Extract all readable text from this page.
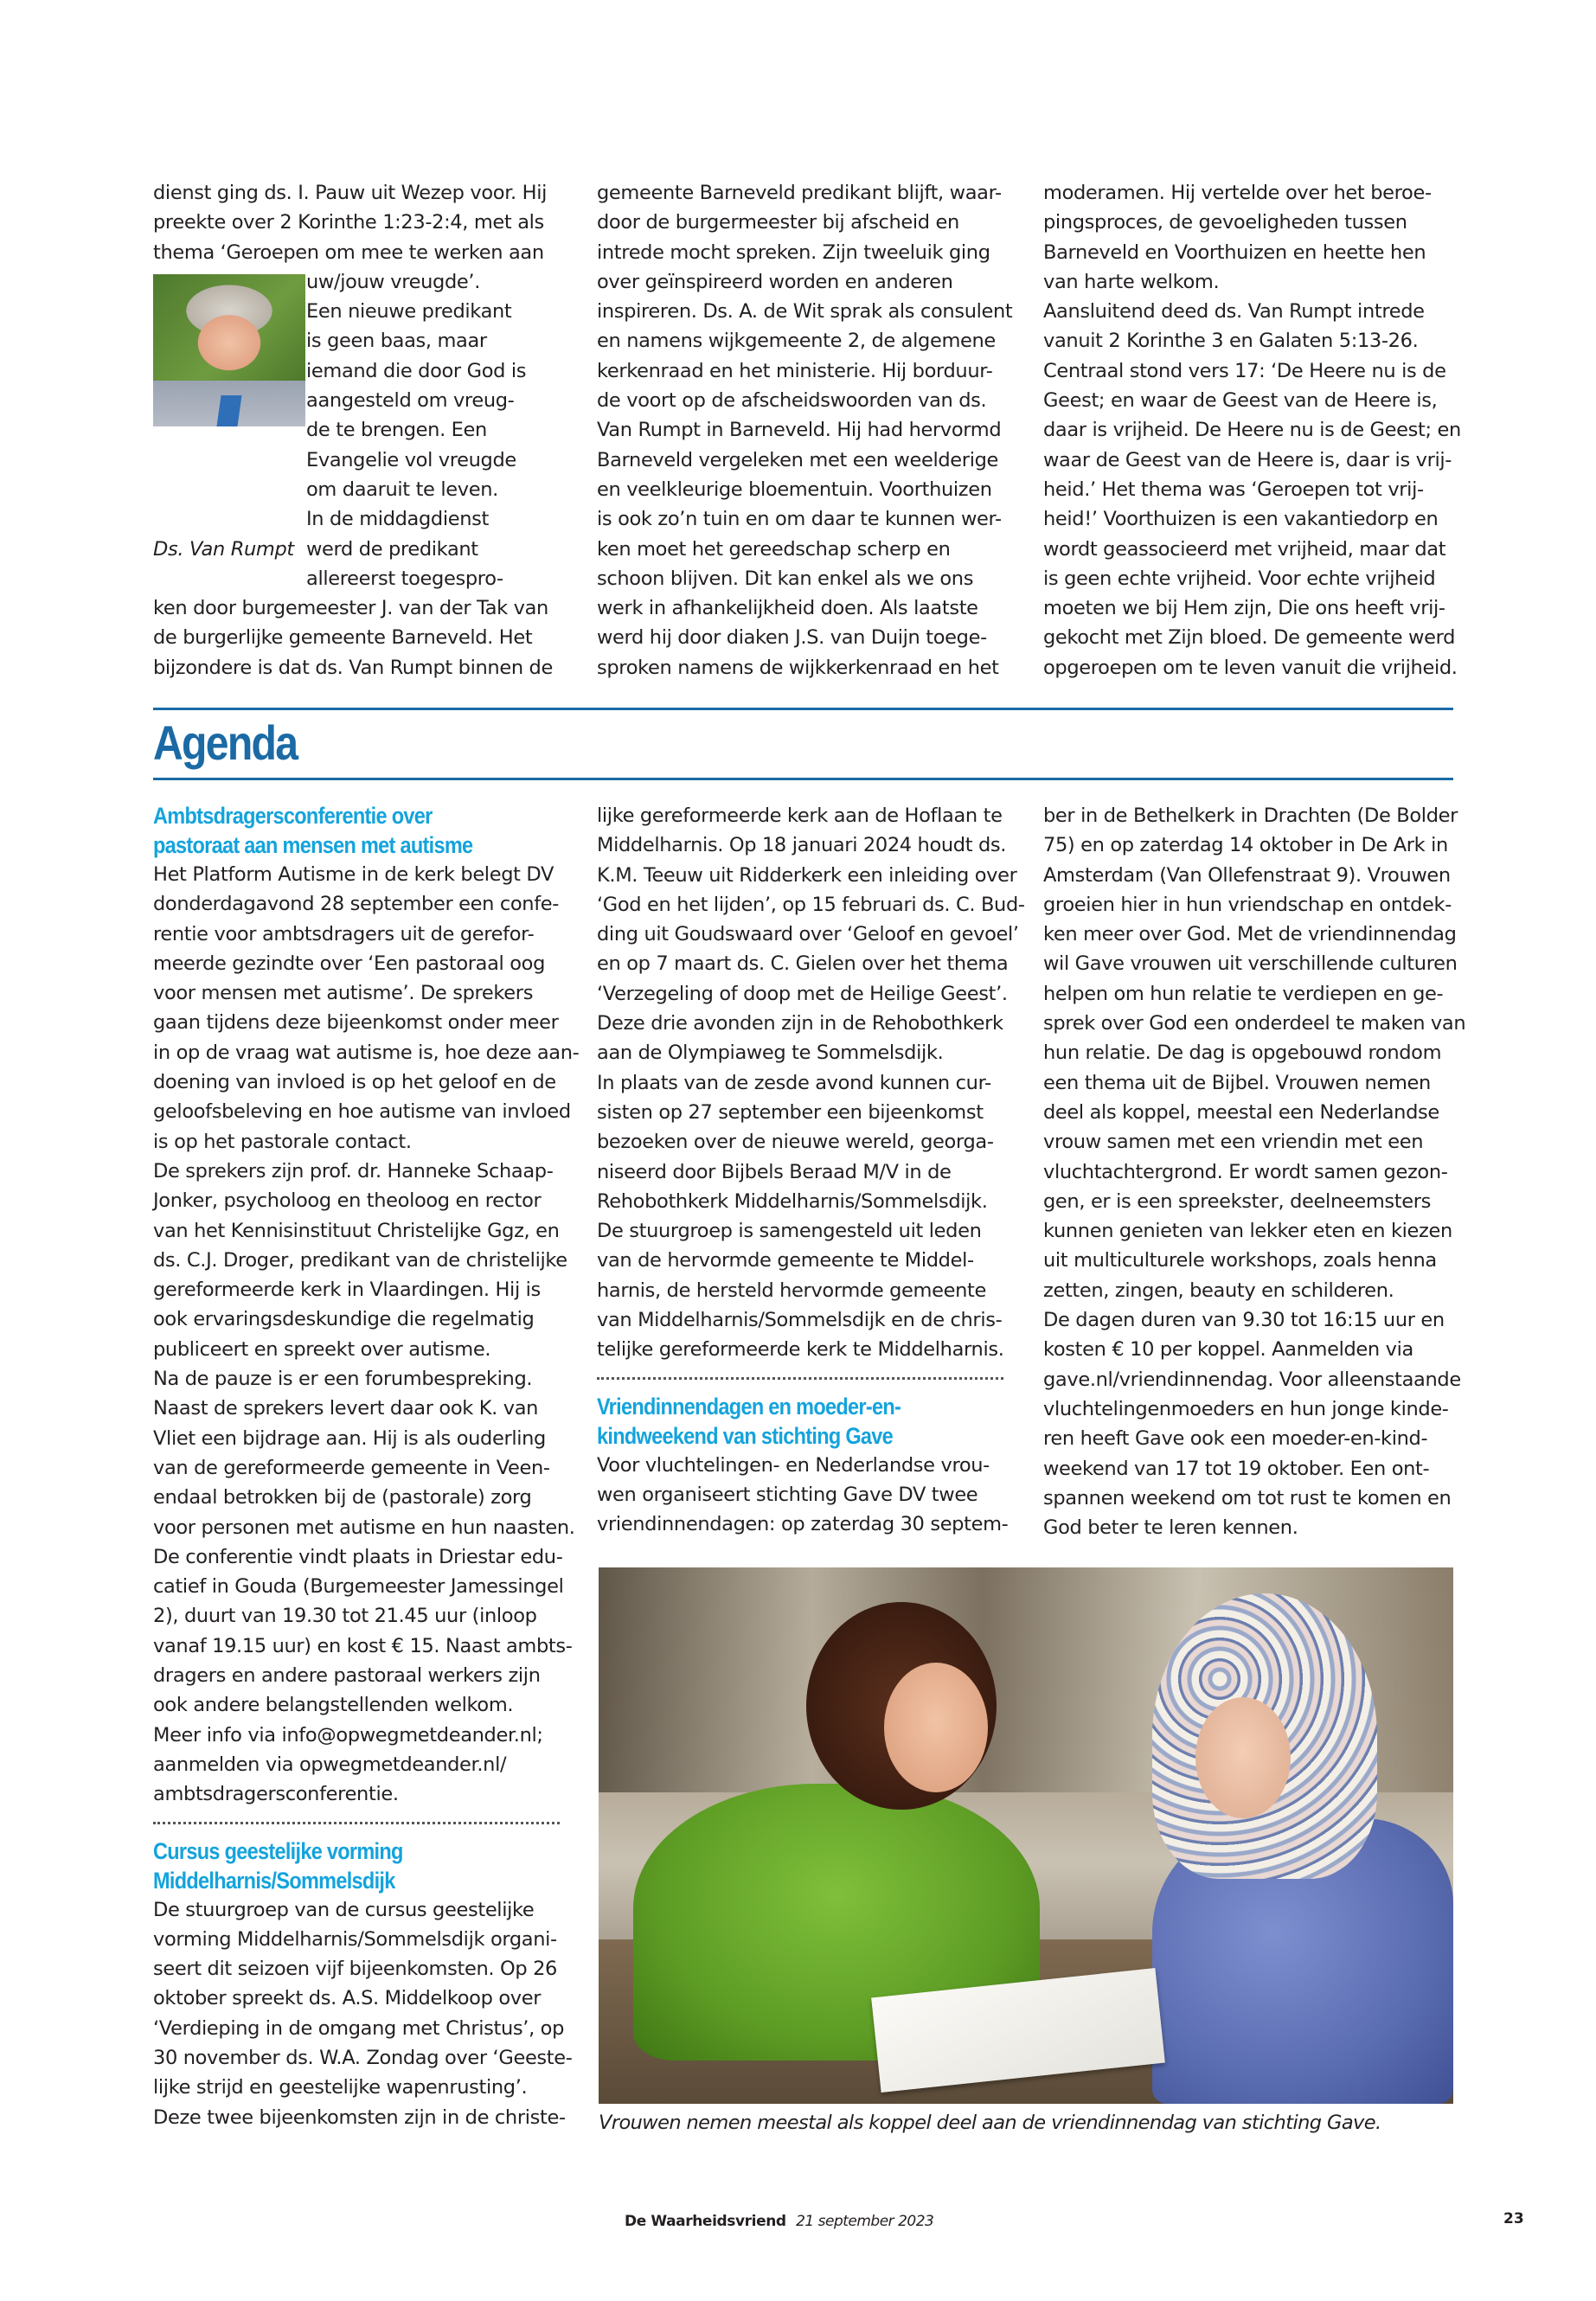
dienst ging ds. I. Pauw uit Wezep voor. Hij
preekte over 2 Korinthe 1:23-2:4, met als
thema ‘Geroepen om mee te werken aan
uw/jouw vreugde’.
Een nieuwe predikant
is geen baas, maar
iemand die door God is
aangesteld om vreug-
de te brengen. Een
Evangelie vol vreugde
om daaruit te leven.
In de middagdienst
Ds. Van Rumpt werd de predikant
allereerst toegespro-
ken door burgemeester J. van der Tak van
de burgerlijke gemeente Barneveld. Het
bijzondere is dat ds. Van Rumpt binnen de
gemeente Barneveld predikant blijft, waar-
door de burgermeester bij afscheid en
intrede mocht spreken. Zijn tweeluik ging
over geïnspireerd worden en anderen
inspireren. Ds. A. de Wit sprak als consulent
en namens wijkgemeente 2, de algemene
kerkenraad en het ministerie. Hij borduur-
de voort op de afscheidswoorden van ds.
Van Rumpt in Barneveld. Hij had hervormd
Barneveld vergeleken met een weelderige
en veelkleurige bloementuin. Voorthuizen
is ook zo’n tuin en om daar te kunnen wer-
ken moet het gereedschap scherp en
schoon blijven. Dit kan enkel als we ons
werk in afhankelijkheid doen. Als laatste
werd hij door diaken J.S. van Duijn toege-
sproken namens de wijkkerkenraad en het
moderamen. Hij vertelde over het beroe-
pingsproces, de gevoeligheden tussen
Barneveld en Voorthuizen en heette hen
van harte welkom.
Aansluitend deed ds. Van Rumpt intrede
vanuit 2 Korinthe 3 en Galaten 5:13-26.
Centraal stond vers 17: ‘De Heere nu is de
Geest; en waar de Geest van de Heere is,
daar is vrijheid. De Heere nu is de Geest; en
waar de Geest van de Heere is, daar is vrij-
heid.’ Het thema was ‘Geroepen tot vrij-
heid!’ Voorthuizen is een vakantiedorp en
wordt geassocieerd met vrijheid, maar dat
is geen echte vrijheid. Voor echte vrijheid
moeten we bij Hem zijn, Die ons heeft vrij-
gekocht met Zijn bloed. De gemeente werd
opgeroepen om te leven vanuit die vrijheid.
Agenda
Ambtsdragersconferentie over
pastoraat aan mensen met autisme
Het Platform Autisme in de kerk belegt DV
donderdagavond 28 september een confe-
rentie voor ambtsdragers uit de gerefor-
meerde gezindte over ‘Een pastoraal oog
voor mensen met autisme’. De sprekers
gaan tijdens deze bijeenkomst onder meer
in op de vraag wat autisme is, hoe deze aan-
doening van invloed is op het geloof en de
geloofsbeleving en hoe autisme van invloed
is op het pastorale contact.
De sprekers zijn prof. dr. Hanneke Schaap-
Jonker, psycholoog en theoloog en rector
van het Kennisinstituut Christelijke Ggz, en
ds. C.J. Droger, predikant van de christelijke
gereformeerde kerk in Vlaardingen. Hij is
ook ervaringsdeskundige die regelmatig
publiceert en spreekt over autisme.
Na de pauze is er een forumbespreking.
Naast de sprekers levert daar ook K. van
Vliet een bijdrage aan. Hij is als ouderling
van de gereformeerde gemeente in Veen-
endaal betrokken bij de (pastorale) zorg
voor personen met autisme en hun naasten.
De conferentie vindt plaats in Driestar edu-
catief in Gouda (Burgemeester Jamessingel
2), duurt van 19.30 tot 21.45 uur (inloop
vanaf 19.15 uur) en kost € 15. Naast ambts-
dragers en andere pastoraal werkers zijn
ook andere belangstellenden welkom.
Meer info via info@opwegmetdeander.nl;
aanmelden via opwegmetdeander.nl/
ambtsdragersconferentie.
Cursus geestelijke vorming
Middelharnis/Sommelsdijk
De stuurgroep van de cursus geestelijke
vorming Middelharnis/Sommelsdijk organi-
seert dit seizoen vijf bijeenkomsten. Op 26
oktober spreekt ds. A.S. Middelkoop over
‘Verdieping in de omgang met Christus’, op
30 november ds. W.A. Zondag over ‘Geeste-
lijke strijd en geestelijke wapenrusting’.
Deze twee bijeenkomsten zijn in de christe-
lijke gereformeerde kerk aan de Hoflaan te
Middelharnis. Op 18 januari 2024 houdt ds.
K.M. Teeuw uit Ridderkerk een inleiding over
‘God en het lijden’, op 15 februari ds. C. Bud-
ding uit Goudswaard over ‘Geloof en gevoel’
en op 7 maart ds. C. Gielen over het thema
‘Verzegeling of doop met de Heilige Geest’.
Deze drie avonden zijn in de Rehobothkerk
aan de Olympiaweg te Sommelsdijk.
In plaats van de zesde avond kunnen cur-
sisten op 27 september een bijeenkomst
bezoeken over de nieuwe wereld, georga-
niseerd door Bijbels Beraad M/V in de
Rehobothkerk Middelharnis/Sommelsdijk.
De stuurgroep is samengesteld uit leden
van de hervormde gemeente te Middel-
harnis, de hersteld hervormde gemeente
van Middelharnis/Sommelsdijk en de chris-
telijke gereformeerde kerk te Middelharnis.
Vriendinnendagen en moeder-en-
kindweekend van stichting Gave
Voor vluchtelingen- en Nederlandse vrou-
wen organiseert stichting Gave DV twee
vriendinnendagen: op zaterdag 30 septem-
ber in de Bethelkerk in Drachten (De Bolder
75) en op zaterdag 14 oktober in De Ark in
Amsterdam (Van Ollefenstraat 9). Vrouwen
groeien hier in hun vriendschap en ontdek-
ken meer over God. Met de vriendinnendag
wil Gave vrouwen uit verschillende culturen
helpen om hun relatie te verdiepen en ge-
sprek over God een onderdeel te maken van
hun relatie. De dag is opgebouwd rondom
een thema uit de Bijbel. Vrouwen nemen
deel als koppel, meestal een Nederlandse
vrouw samen met een vriendin met een
vluchtachtergrond. Er wordt samen gezon-
gen, er is een spreekster, deelneemsters
kunnen genieten van lekker eten en kiezen
uit multiculturele workshops, zoals henna
zetten, zingen, beauty en schilderen.
De dagen duren van 9.30 tot 16:15 uur en
kosten € 10 per koppel. Aanmelden via
gave.nl/vriendinnendag. Voor alleenstaande
vluchtelingenmoeders en hun jonge kinde-
ren heeft Gave ook een moeder-en-kind-
weekend van 17 tot 19 oktober. Een ont-
spannen weekend om tot rust te komen en
God beter te leren kennen.
Vrouwen nemen meestal als koppel deel aan de vriendinnendag van stichting Gave.
De Waarheidsvriend 21 september 2023	23
